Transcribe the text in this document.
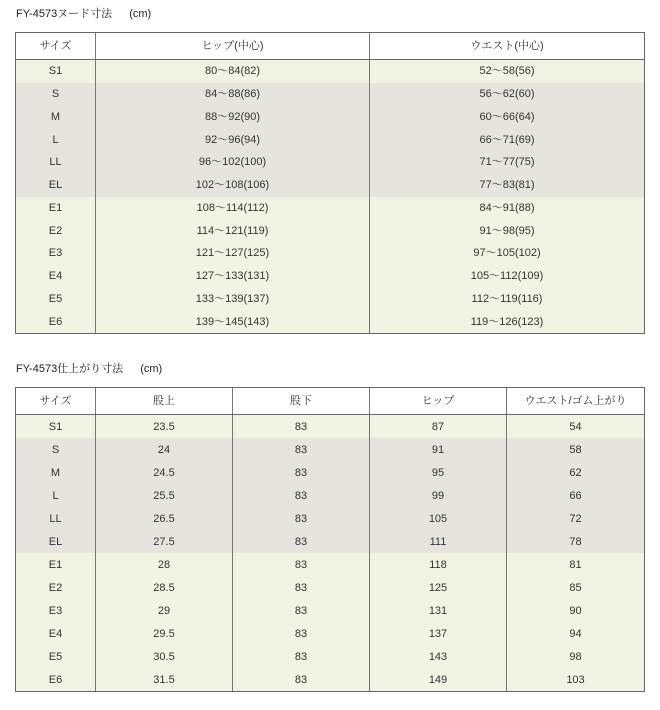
FY-4573ヌード寸法 (cm)
サイズ	ヒップ(中心)	ウエスト(中心)
S1	80～84(82)	52～58(56)
S	84～88(86)	56～62(60)
M	88～92(90)	60～66(64)
L	92～96(94)	66～71(69)
LL	96～102(100)	71～77(75)
EL	102～108(106)	77～83(81)
E1	108～114(112)	84～91(88)
E2	114～121(119)	91～98(95)
E3	121～127(125)	97～105(102)
E4	127～133(131)	105～112(109)
E5	133～139(137)	112～119(116)
E6	139～145(143)	119～126(123)
FY-4573仕上がり寸法 (cm)
サイズ	股上	股下	ヒップ	ウエスト/ゴム上がり
S1	23.5	83	87	54
S	24	83	91	58
M	24.5	83	95	62
L	25.5	83	99	66
LL	26.5	83	105	72
EL	27.5	83	111	78
E1	28	83	118	81
E2	28.5	83	125	85
E3	29	83	131	90
E4	29.5	83	137	94
E5	30.5	83	143	98
E6	31.5	83	149	103
